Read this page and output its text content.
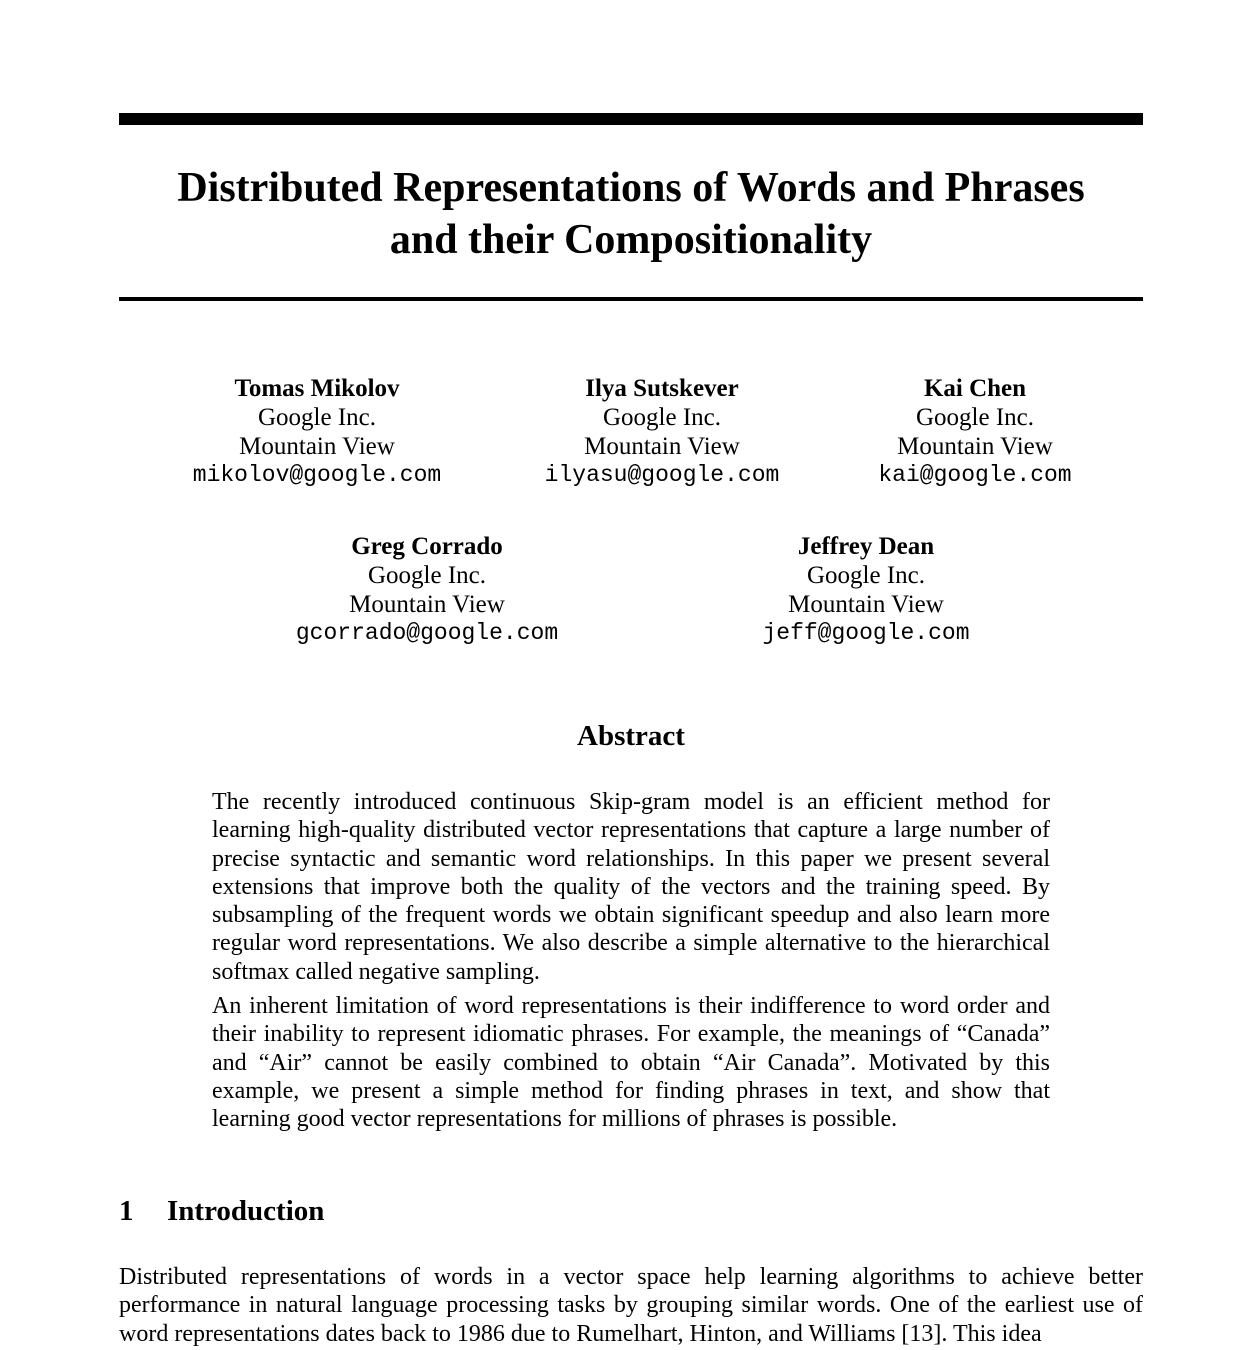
Distributed Representations of Words and Phrases
and their Compositionality
Tomas Mikolov
Google Inc.
Mountain View
mikolov@google.com
Ilya Sutskever
Google Inc.
Mountain View
ilyasu@google.com
Kai Chen
Google Inc.
Mountain View
kai@google.com
Greg Corrado
Google Inc.
Mountain View
gcorrado@google.com
Jeffrey Dean
Google Inc.
Mountain View
jeff@google.com
Abstract

The recently introduced continuous Skip-gram model is an efficient method for learning high-quality distributed vector representations that capture a large number of precise syntactic and semantic word relationships. In this paper we present several extensions that improve both the quality of the vectors and the training speed. By subsampling of the frequent words we obtain significant speedup and also learn more regular word representations. We also describe a simple alternative to the hierarchical softmax called negative sampling.

An inherent limitation of word representations is their indifference to word order and their inability to represent idiomatic phrases. For example, the meanings of “Canada” and “Air” cannot be easily combined to obtain “Air Canada”. Motivated by this example, we present a simple method for finding phrases in text, and show that learning good vector representations for millions of phrases is possible.

1 Introduction

Distributed representations of words in a vector space help learning algorithms to achieve better performance in natural language processing tasks by grouping similar words. One of the earliest use of word representations dates back to 1986 due to Rumelhart, Hinton, and Williams [13]. This idea
